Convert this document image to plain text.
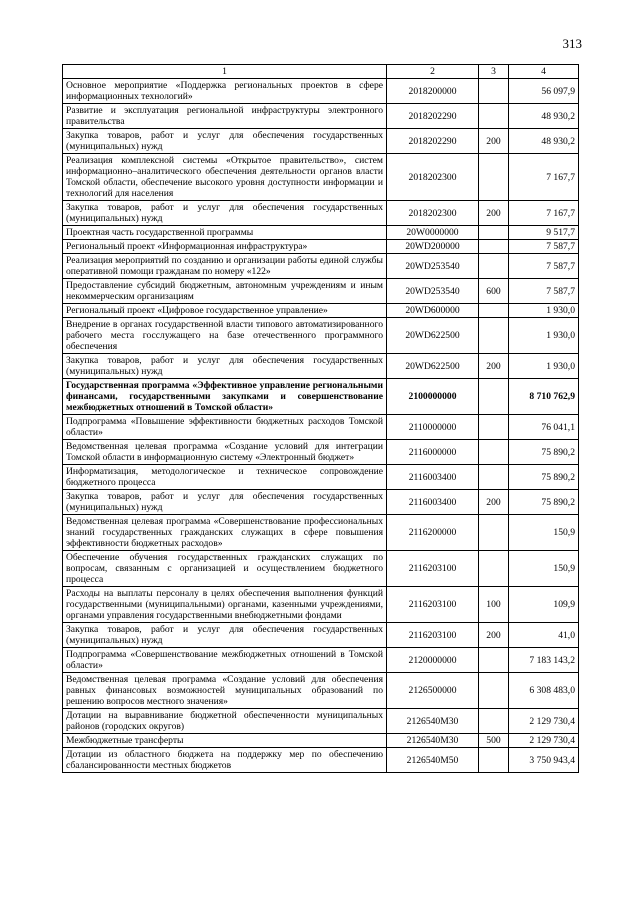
313
1	2	3	4
Основное мероприятие «Поддержка региональных проектов в сфере информационных технологий»	2018200000		56 097,9
Развитие и эксплуатация региональной инфраструктуры электронного правительства	2018202290		48 930,2
Закупка товаров, работ и услуг для обеспечения государственных (муниципальных) нужд	2018202290	200	48 930,2
Реализация комплексной системы «Открытое правительство», систем информационно–аналитического обеспечения деятельности органов власти Томской области, обеспечение высокого уровня доступности информации и технологий для населения	2018202300		7 167,7
Закупка товаров, работ и услуг для обеспечения государственных (муниципальных) нужд	2018202300	200	7 167,7
Проектная часть государственной программы	20W0000000		9 517,7
Региональный проект «Информационная инфраструктура»	20WD200000		7 587,7
Реализация мероприятий по созданию и организации работы единой службы оперативной помощи гражданам по номеру «122»	20WD253540		7 587,7
Предоставление субсидий бюджетным, автономным учреждениям и иным некоммерческим организациям	20WD253540	600	7 587,7
Региональный проект «Цифровое государственное управление»	20WD600000		1 930,0
Внедрение в органах государственной власти типового автоматизированного рабочего места госслужащего на базе отечественного программного обеспечения	20WD622500		1 930,0
Закупка товаров, работ и услуг для обеспечения государственных (муниципальных) нужд	20WD622500	200	1 930,0
Государственная программа «Эффективное управление региональными финансами, государственными закупками и совершенствование межбюджетных отношений в Томской области»	2100000000		8 710 762,9
Подпрограмма «Повышение эффективности бюджетных расходов Томской области»	2110000000		76 041,1
Ведомственная целевая программа «Создание условий для интеграции Томской области в информационную систему «Электронный бюджет»	2116000000		75 890,2
Информатизация, методологическое и техническое сопровождение бюджетного процесса	2116003400		75 890,2
Закупка товаров, работ и услуг для обеспечения государственных (муниципальных) нужд	2116003400	200	75 890,2
Ведомственная целевая программа «Совершенствование профессиональных знаний государственных гражданских служащих в сфере повышения эффективности бюджетных расходов»	2116200000		150,9
Обеспечение обучения государственных гражданских служащих по вопросам, связанным с организацией и осуществлением бюджетного процесса	2116203100		150,9
Расходы на выплаты персоналу в целях обеспечения выполнения функций государственными (муниципальными) органами, казенными учреждениями, органами управления государственными внебюджетными фондами	2116203100	100	109,9
Закупка товаров, работ и услуг для обеспечения государственных (муниципальных) нужд	2116203100	200	41,0
Подпрограмма «Совершенствование межбюджетных отношений в Томской области»	2120000000		7 183 143,2
Ведомственная целевая программа «Создание условий для обеспечения равных финансовых возможностей муниципальных образований по решению вопросов местного значения»	2126500000		6 308 483,0
Дотации на выравнивание бюджетной обеспеченности муниципальных районов (городских округов)	2126540М30		2 129 730,4
Межбюджетные трансферты	2126540М30	500	2 129 730,4
Дотации из областного бюджета на поддержку мер по обеспечению сбалансированности местных бюджетов	2126540М50		3 750 943,4
